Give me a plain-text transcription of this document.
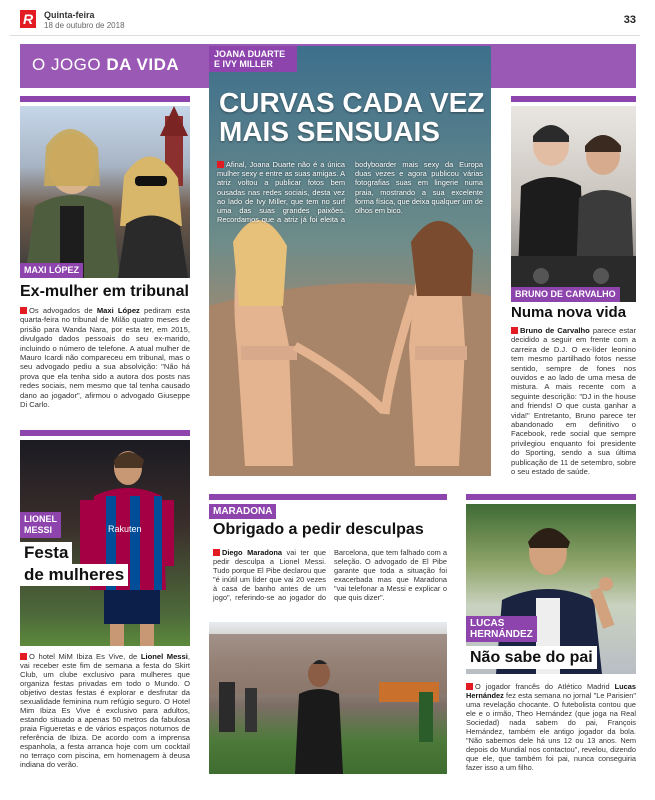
R	Quinta-feira
18 de outubro de 2018	33
O JOGO DA VIDA
MAXI LÓPEZ
Ex-mulher em tribunal
Os advogados de Maxi López pediram esta quarta-feira no tribunal de Milão quatro meses de prisão para Wanda Nara, por esta ter, em 2015, divulgado dados pessoais do seu ex-marido, incluindo o número de telefone. A atual mulher de Mauro Icardi não compareceu em tribunal, mas o seu advogado pediu a sua absolvição: "Não há prova que ela tenha sido a autora dos posts nas redes sociais, nem mesmo que tal tenha causado dano ao jogador", afirmou o advogado Giuseppe Di Carlo.
Rakuten
LIONEL
MESSI
Festa
de mulheres
O hotel MiM Ibiza Es Vive, de Lionel Messi, vai receber este fim de semana a festa do Skirt Club, um clube exclusivo para mulheres que organiza festas privadas em todo o Mundo. O objetivo destas festas é explorar e desfrutar da sexualidade feminina num refúgio seguro. O Hotel Mim Ibiza Es Vive é exclusivo para adultos, estando situado a apenas 50 metros da fabulosa praia Figueretas e de vários espaços noturnos de referência de Ibiza. De acordo com a imprensa espanhola, a festa arranca hoje com um cocktail no terraço com piscina, em homenagem à deusa indiana do verão.
JOANA DUARTE
E IVY MILLER
CURVAS CADA VEZ MAIS SENSUAIS
Afinal, Joana Duarte não é a única mulher sexy e entre as suas amigas. A atriz voltou a publicar fotos bem ousadas nas redes sociais, desta vez ao lado de Ivy Miller, que tem no surf uma das suas grandes paixões. Recordamos que a atriz já foi eleita a bodyboarder mais sexy da Europa duas vezes e agora publicou várias fotografias suas em lingerie numa praia, mostrando a sua excelente forma física, que deixa qualquer um de olhos em bico.
BRUNO DE CARVALHO
Numa nova vida
Bruno de Carvalho parece estar decidido a seguir em frente com a carreira de D.J. O ex-líder leonino tem mesmo partilhado fotos nesse sentido, sempre de fones nos ouvidos e ao lado de uma mesa de mistura. A mais recente com a seguinte descrição: "DJ in the house and friends! O que custa ganhar a vida!" Entretanto, Bruno parece ter abandonado em definitivo o Facebook, rede social que sempre privilegiou enquanto foi presidente do Sporting, sendo a sua última publicação de 11 de setembro, sobre o seu estado de saúde.
MARADONA
Obrigado a pedir desculpas
Diego Maradona vai ter que pedir desculpa a Lionel Messi. Tudo porque El Pibe declarou que "é inútil um líder que vai 20 vezes à casa de banho antes de um jogo", referindo-se ao jogador do Barcelona, que tem falhado com a seleção. O advogado de El Pibe garante que toda a situação foi exacerbada mas que Maradona "vai telefonar a Messi e explicar o que quis dizer".
LUCAS
HERNÁNDEZ
Não sabe do pai
O jogador francês do Atlético Madrid Lucas Hernández fez esta semana no jornal "Le Parisien" uma revelação chocante. O futebolista contou que ele e o irmão, Theo Hernández (que joga na Real Sociedad) nada sabem do pai, François Hernández, também ele antigo jogador da bola. "Não sabemos dele há uns 12 ou 13 anos. Nem depois do Mundial nos contactou", revelou, dizendo que ele, que também foi pai, nunca conseguiria fazer isso a um filho.
